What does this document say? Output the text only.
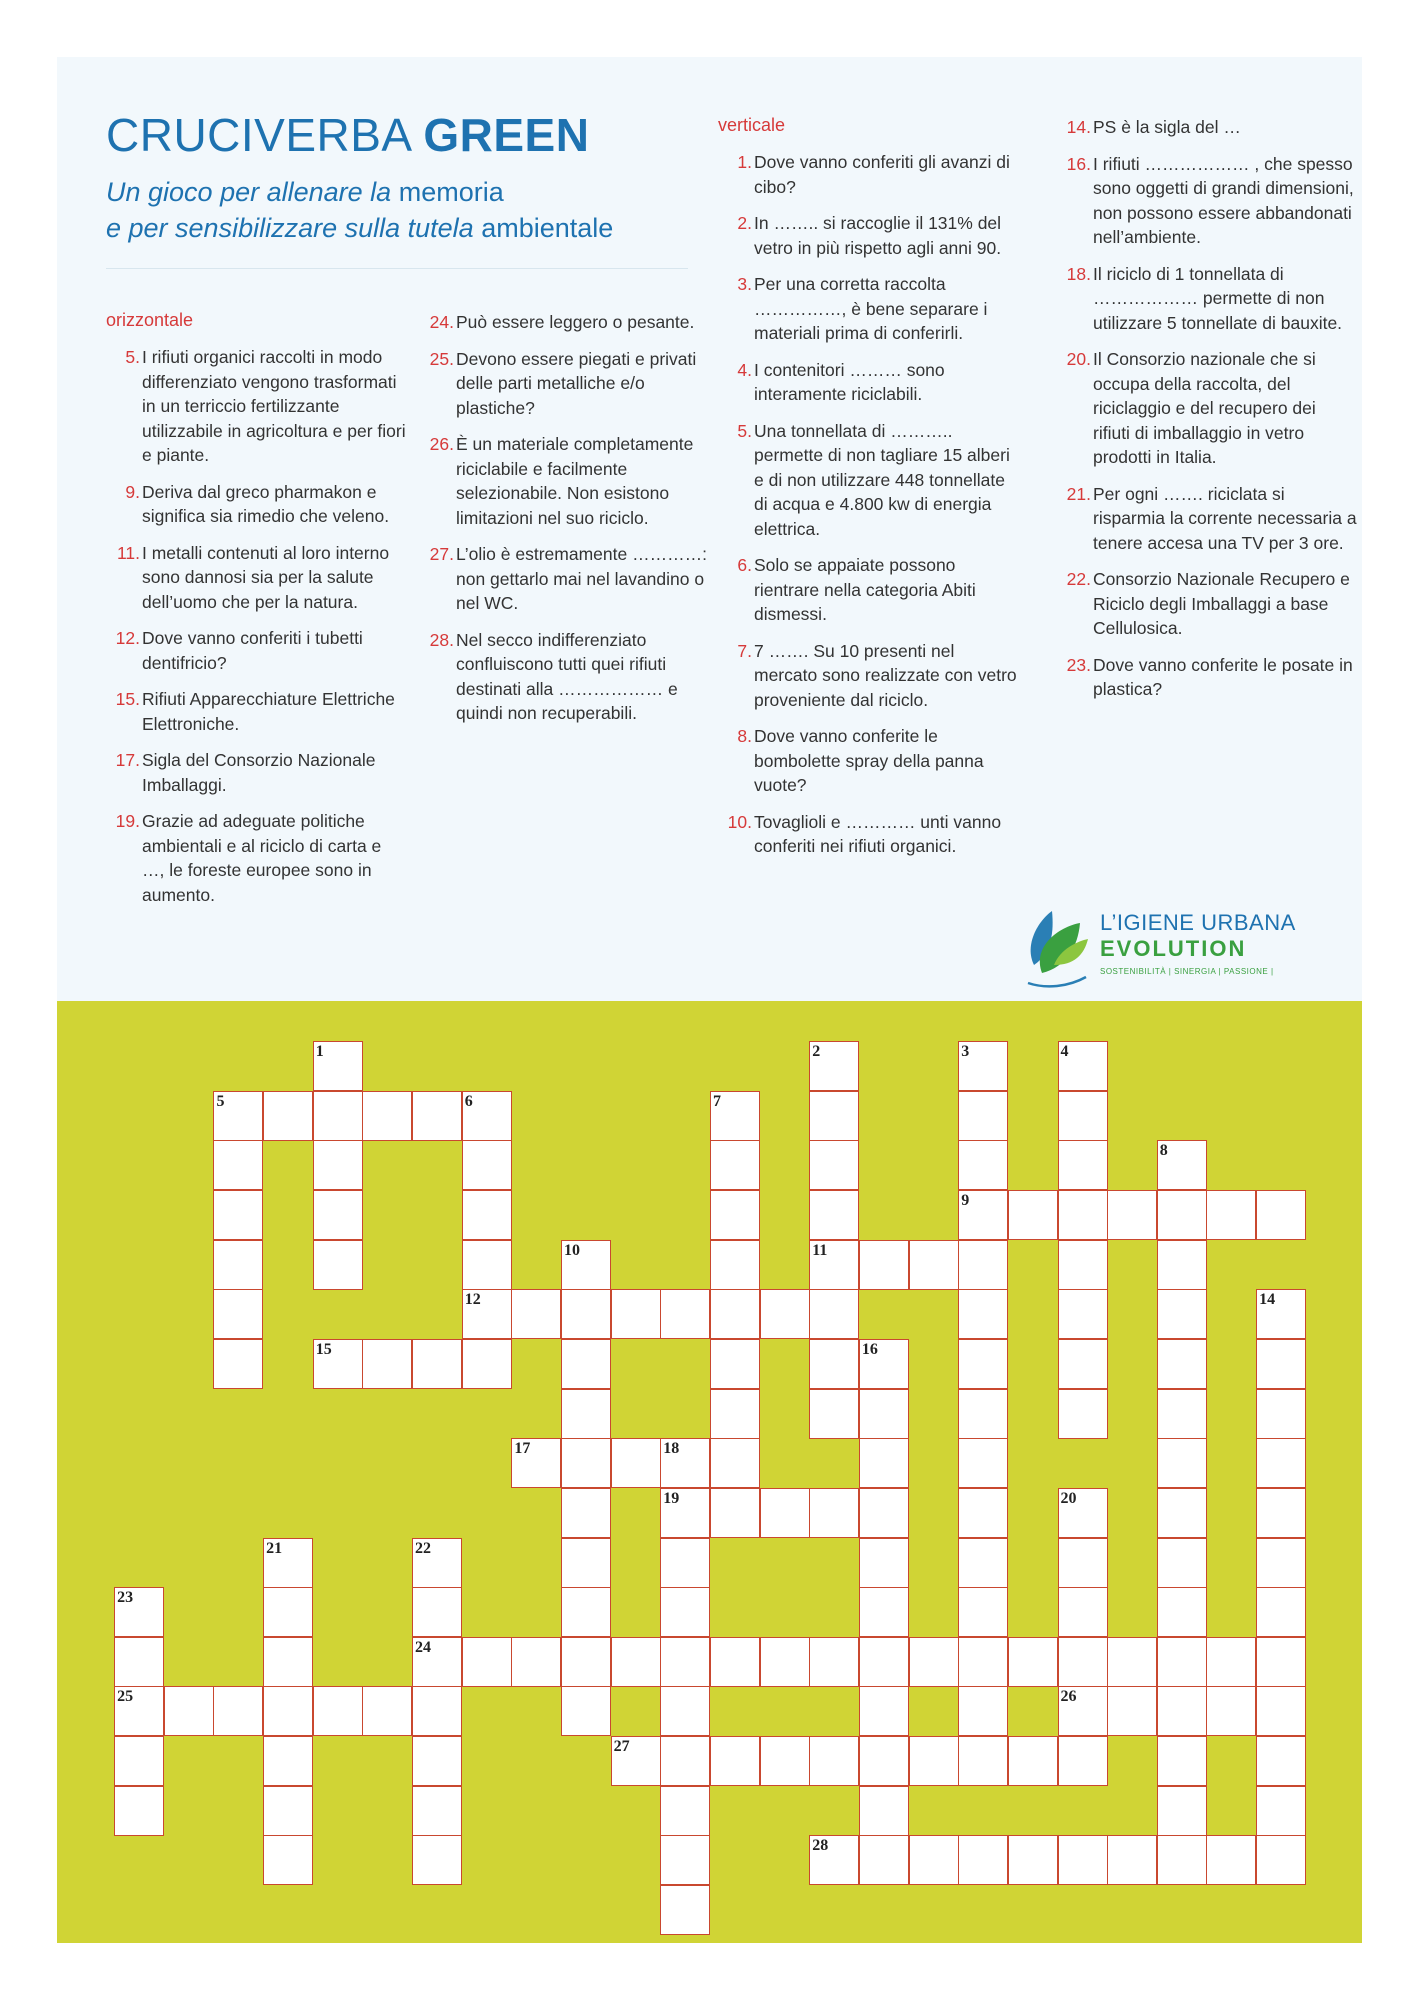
CRUCIVERBA GREEN
Un gioco per allenare la memoria
e per sensibilizzare sulla tutela ambientale
orizzontale
5. I rifiuti organici raccolti in modo differenziato vengono trasformati in un terriccio fertilizzante utilizzabile in agricoltura e per fiori e piante.
9. Deriva dal greco pharmakon e significa sia rimedio che veleno.
11. I metalli contenuti al loro interno sono dannosi sia per la salute dell’uomo che per la natura.
12. Dove vanno conferiti i tubetti dentifricio?
15. Rifiuti Apparecchiature Elettriche Elettroniche.
17. Sigla del Consorzio Nazionale Imballaggi.
19. Grazie ad adeguate politiche ambientali e al riciclo di carta e …, le foreste europee sono in aumento.
24. Può essere leggero o pesante.
25. Devono essere piegati e privati delle parti metalliche e/o plastiche?
26. È un materiale completamente riciclabile e facilmente selezionabile. Non esistono limitazioni nel suo riciclo.
27. L’olio è estremamente …………: non gettarlo mai nel lavandino o nel WC.
28. Nel secco indifferenziato confluiscono tutti quei rifiuti destinati alla ……………… e quindi non recuperabili.
verticale
1. Dove vanno conferiti gli avanzi di cibo?
2. In …….. si raccoglie il 131% del vetro in più rispetto agli anni 90.
3. Per una corretta raccolta ……………, è bene separare i materiali prima di conferirli.
4. I contenitori ……… sono interamente riciclabili.
5. Una tonnellata di ……….. permette di non tagliare 15 alberi e di non utilizzare 448 tonnellate di acqua e 4.800 kw di energia elettrica.
6. Solo se appaiate possono rientrare nella categoria Abiti dismessi.
7. 7 ……. Su 10 presenti nel mercato sono realizzate con vetro proveniente dal riciclo.
8. Dove vanno conferite le bombolette spray della panna vuote?
10. Tovaglioli e ………… unti vanno conferiti nei rifiuti organici.
14. PS è la sigla del …
16. I rifiuti ……………… , che spesso sono oggetti di grandi dimensioni, non possono essere abbandonati nell’ambiente.
18. Il riciclo di 1 tonnellata di ……………… permette di non utilizzare 5 tonnellate di bauxite.
20. Il Consorzio nazionale che si occupa della raccolta, del riciclaggio e del recupero dei rifiuti di imballaggio in vetro prodotti in Italia.
21. Per ogni ……. riciclata si risparmia la corrente necessaria a tenere accesa una TV per 3 ore.
22. Consorzio Nazionale Recupero e Riciclo degli Imballaggi a base Cellulosica.
23. Dove vanno conferite le posate in plastica?
L’IGIENE URBANA
EVOLUTION
SOSTENIBILITÀ | SINERGIA | PASSIONE |
1	2	3	4
5	6	7
8
9
10	11
12	14
15	16
17	18
19	20
21	22
23
24
25	26
27
28
